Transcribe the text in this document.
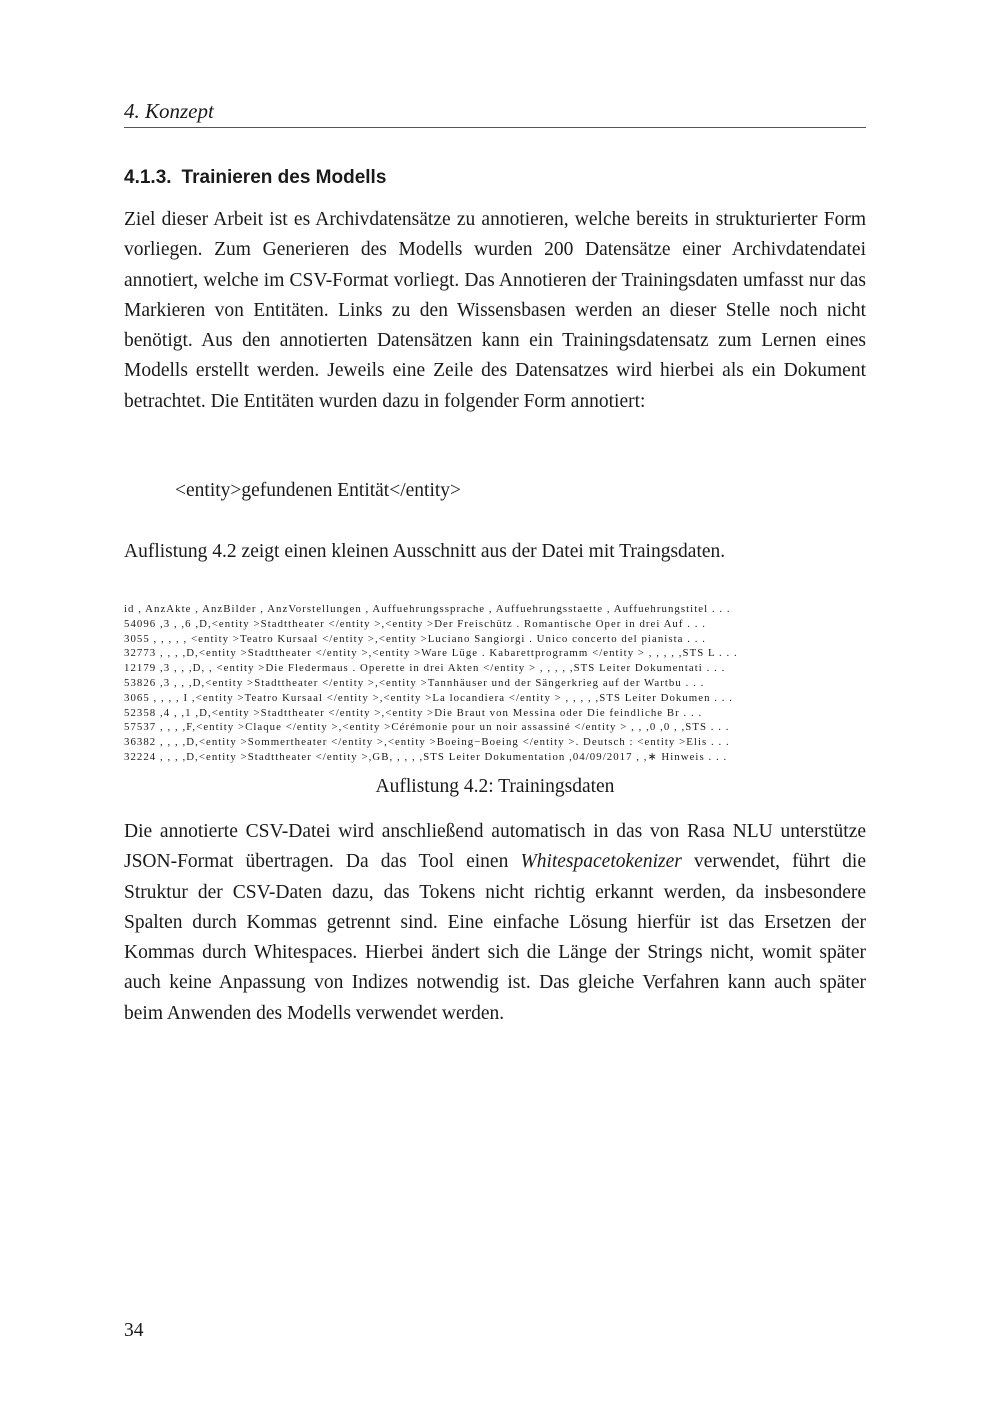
4. Konzept
4.1.3. Trainieren des Modells

Ziel dieser Arbeit ist es Archivdatensätze zu annotieren, welche bereits in strukturierter Form vorliegen. Zum Generieren des Modells wurden 200 Datensätze einer Archivdatendatei annotiert, welche im CSV-Format vorliegt. Das Annotieren der Trainingsdaten umfasst nur das Markieren von Entitäten. Links zu den Wissensbasen werden an dieser Stelle noch nicht benötigt. Aus den annotierten Datensätzen kann ein Trainingsdatensatz zum Lernen eines Modells erstellt werden. Jeweils eine Zeile des Datensatzes wird hierbei als ein Dokument betrachtet. Die Entitäten wurden dazu in folgender Form annotiert:

<entity>gefundenen Entität</entity>

Auflistung 4.2 zeigt einen kleinen Ausschnitt aus der Datei mit Traingsdaten.

id , AnzAkte , AnzBilder , AnzVorstellungen , Auffuehrungssprache , Auffuehrungsstaette , Auffuehrungstitel . . .
54096 ,3 , ,6 ,D,<entity >Stadttheater </entity >,<entity >Der Freischütz . Romantische Oper in drei Auf . . .
3055 , , , , , <entity >Teatro Kursaal </entity >,<entity >Luciano Sangiorgi . Unico concerto del pianista . . .
32773 , , , ,D,<entity >Stadttheater </entity >,<entity >Ware Lüge . Kabarettprogramm </entity > , , , , ,STS L . . .
12179 ,3 , , ,D, , <entity >Die Fledermaus . Operette in drei Akten </entity > , , , , ,STS Leiter Dokumentati . . .
53826 ,3 , , ,D,<entity >Stadttheater </entity >,<entity >Tannhäuser und der Sängerkrieg auf der Wartbu . . .
3065 , , , , I ,<entity >Teatro Kursaal </entity >,<entity >La locandiera </entity > , , , , ,STS Leiter Dokumen . . .
52358 ,4 , ,1 ,D,<entity >Stadttheater </entity >,<entity >Die Braut von Messina oder Die feindliche Br . . .
57537 , , , ,F,<entity >Claque </entity >,<entity >Cérémonie pour un noir assassiné </entity > , , ,0 ,0 , ,STS . . .
36382 , , , ,D,<entity >Sommertheater </entity >,<entity >Boeing−Boeing </entity >. Deutsch : <entity >Elis . . .
32224 , , , ,D,<entity >Stadttheater </entity >,GB, , , , ,STS Leiter Dokumentation ,04/09/2017 , ,∗ Hinweis . . .
Auflistung 4.2: Trainingsdaten

Die annotierte CSV-Datei wird anschließend automatisch in das von Rasa NLU unterstütze JSON-Format übertragen. Da das Tool einen Whitespacetokenizer verwendet, führt die Struktur der CSV-Daten dazu, das Tokens nicht richtig erkannt werden, da insbesondere Spalten durch Kommas getrennt sind. Eine einfache Lösung hierfür ist das Ersetzen der Kommas durch Whitespaces. Hierbei ändert sich die Länge der Strings nicht, womit später auch keine Anpassung von Indizes notwendig ist. Das gleiche Verfahren kann auch später beim Anwenden des Modells verwendet werden.

34
